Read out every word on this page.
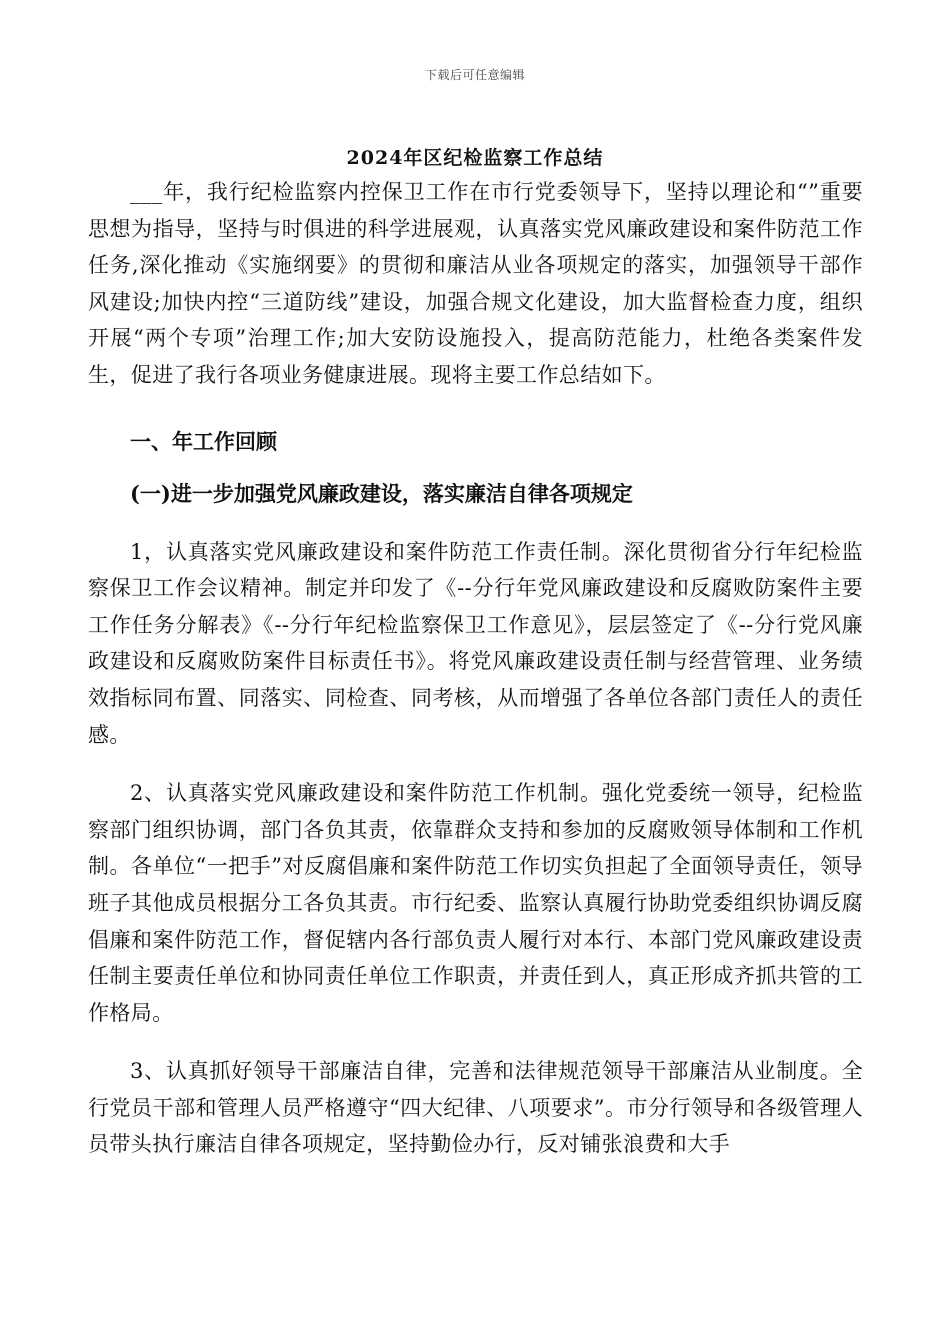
下载后可任意编辑
2024年区纪检监察工作总结

___年，我行纪检监察内控保卫工作在市行党委领导下，坚持以理论和“”重要思想为指导，坚持与时俱进的科学进展观，认真落实党风廉政建设和案件防范工作任务,深化推动《实施纲要》的贯彻和廉洁从业各项规定的落实，加强领导干部作风建设;加快内控“三道防线”建设，加强合规文化建设，加大监督检查力度，组织开展“两个专项”治理工作;加大安防设施投入，提高防范能力，杜绝各类案件发生，促进了我行各项业务健康进展。现将主要工作总结如下。

一、年工作回顾

(一)进一步加强党风廉政建设，落实廉洁自律各项规定

1，认真落实党风廉政建设和案件防范工作责任制。深化贯彻省分行年纪检监察保卫工作会议精神。制定并印发了《--分行年党风廉政建设和反腐败防案件主要工作任务分解表》《--分行年纪检监察保卫工作意见》，层层签定了《--分行党风廉政建设和反腐败防案件目标责任书》。将党风廉政建设责任制与经营管理、业务绩效指标同布置、同落实、同检查、同考核，从而增强了各单位各部门责任人的责任感。

2、认真落实党风廉政建设和案件防范工作机制。强化党委统一领导，纪检监察部门组织协调，部门各负其责，依靠群众支持和参加的反腐败领导体制和工作机制。各单位“一把手”对反腐倡廉和案件防范工作切实负担起了全面领导责任，领导班子其他成员根据分工各负其责。市行纪委、监察认真履行协助党委组织协调反腐倡廉和案件防范工作，督促辖内各行部负责人履行对本行、本部门党风廉政建设责任制主要责任单位和协同责任单位工作职责，并责任到人，真正形成齐抓共管的工作格局。

3、认真抓好领导干部廉洁自律，完善和法律规范领导干部廉洁从业制度。全行党员干部和管理人员严格遵守“四大纪律、八项要求”。市分行领导和各级管理人员带头执行廉洁自律各项规定，坚持勤俭办行，反对铺张浪费和大手
